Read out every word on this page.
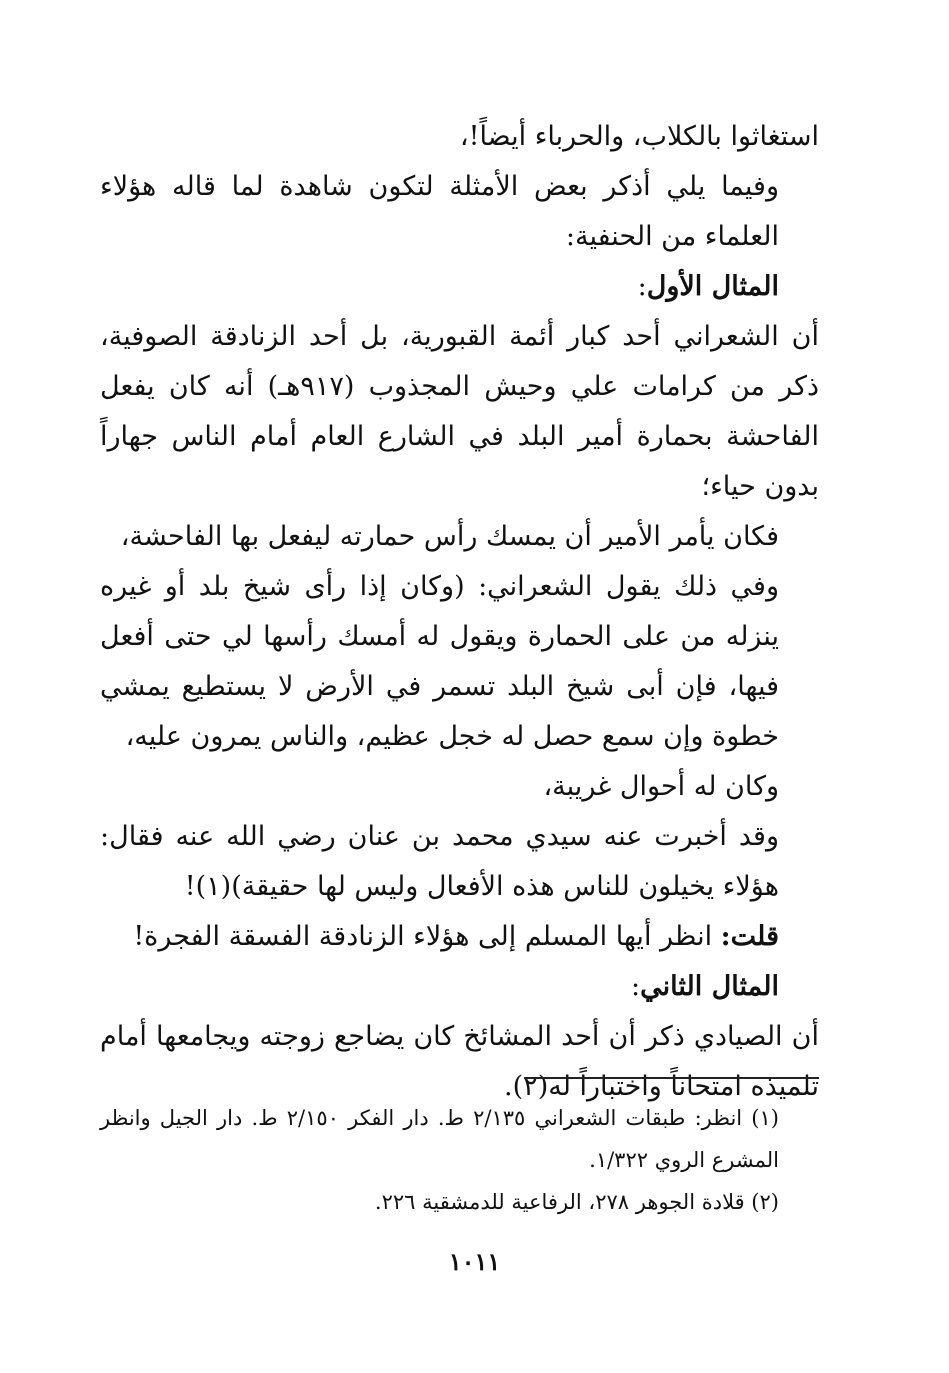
استغاثوا بالكلاب، والحرباء أيضاً!،

وفيما يلي أذكر بعض الأمثلة لتكون شاهدة لما قاله هؤلاء العلماء من الحنفية:

المثال الأول:

أن الشعراني أحد كبار أئمة القبورية، بل أحد الزنادقة الصوفية، ذكر من كرامات علي وحيش المجذوب (٩١٧هـ) أنه كان يفعل الفاحشة بحمارة أمير البلد في الشارع العام أمام الناس جهاراً بدون حياء؛

فكان يأمر الأمير أن يمسك رأس حمارته ليفعل بها الفاحشة،

وفي ذلك يقول الشعراني: (وكان إذا رأى شيخ بلد أو غيره ينزله من على الحمارة ويقول له أمسك رأسها لي حتى أفعل فيها، فإن أبى شيخ البلد تسمر في الأرض لا يستطيع يمشي خطوة وإن سمع حصل له خجل عظيم، والناس يمرون عليه،

وكان له أحوال غريبة،

وقد أخبرت عنه سيدي محمد بن عنان رضي الله عنه فقال: هؤلاء يخيلون للناس هذه الأفعال وليس لها حقيقة)(١)!

قلت: انظر أيها المسلم إلى هؤلاء الزنادقة الفسقة الفجرة!

المثال الثاني:

أن الصيادي ذكر أن أحد المشائخ كان يضاجع زوجته ويجامعها أمام تلميذه امتحاناً واختباراً له(٢).

(١) انظر: طبقات الشعراني ٢/١٣٥ ط. دار الفكر ٢/١٥٠ ط. دار الجيل وانظر المشرع الروي ١/٣٢٢.

(٢) قلادة الجوهر ٢٧٨، الرفاعية للدمشقية ٢٢٦.

١٠١١
